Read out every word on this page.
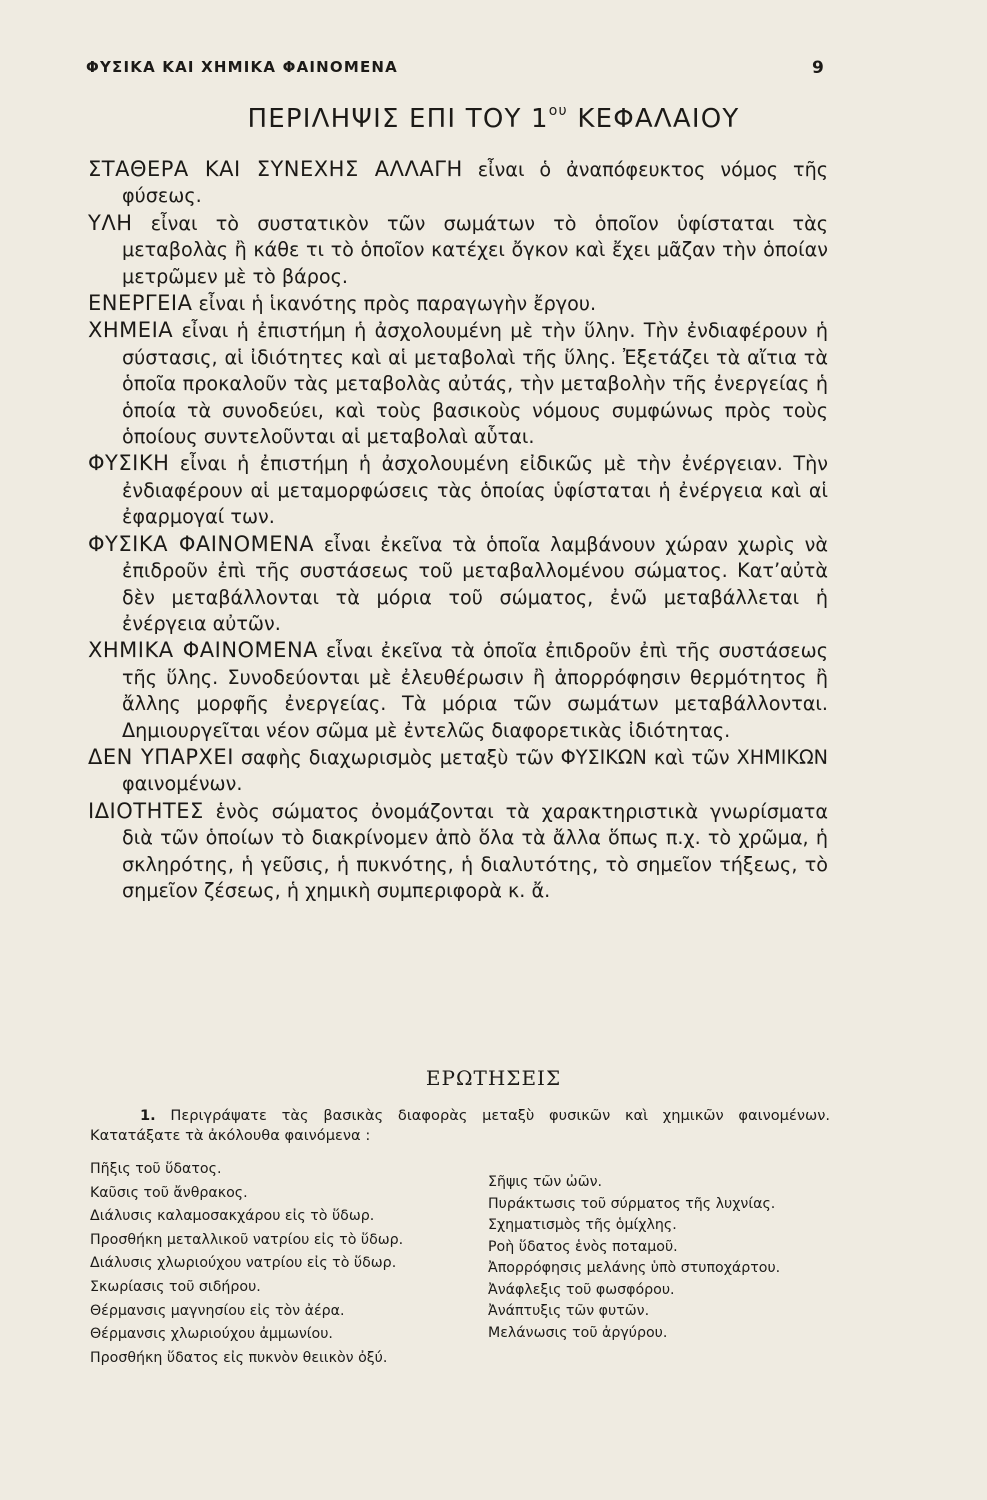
ΦΥΣΙΚΑ ΚΑΙ ΧΗΜΙΚΑ ΦΑΙΝΟΜΕΝΑ	9
ΠΕΡΙΛΗΨΙΣ ΕΠΙ ΤΟΥ $1^{o\upsilon}$ ΚΕΦΑΛΑΙΟΥ

ΣΤΑΘΕΡΑ ΚΑΙ ΣΥΝΕΧΗΣ ΑΛΛΑΓΗ εἶναι ὁ ἀναπόφευκτος νόμος τῆς φύσεως.

ΥΛΗ εἶναι τὸ συστατικὸν τῶν σωμάτων τὸ ὁποῖον ὑφίσταται τὰς μεταβολὰς ἢ κάθε τι τὸ ὁποῖον κατέχει ὄγκον καὶ ἔχει μᾶζαν τὴν ὁποίαν μετρῶμεν μὲ τὸ βάρος.

ΕΝΕΡΓΕΙΑ εἶναι ἡ ἱκανότης πρὸς παραγωγὴν ἔργου.

ΧΗΜΕΙΑ εἶναι ἡ ἐπιστήμη ἡ ἀσχολουμένη μὲ τὴν ὕλην. Τὴν ἐνδιαφέρουν ἡ σύστασις, αἱ ἰδιότητες καὶ αἱ μεταβολαὶ τῆς ὕλης. Ἐξετάζει τὰ αἴτια τὰ ὁποῖα προκαλοῦν τὰς μεταβολὰς αὐτάς, τὴν μεταβολὴν τῆς ἐνεργείας ἡ ὁποία τὰ συνοδεύει, καὶ τοὺς βασικοὺς νόμους συμφώνως πρὸς τοὺς ὁποίους συντελοῦνται αἱ μεταβολαὶ αὗται.

ΦΥΣΙΚΗ εἶναι ἡ ἐπιστήμη ἡ ἀσχολουμένη εἰδικῶς μὲ τὴν ἐνέργειαν. Τὴν ἐνδιαφέρουν αἱ μεταμορφώσεις τὰς ὁποίας ὑφίσταται ἡ ἐνέργεια καὶ αἱ ἐφαρμογαί των.

ΦΥΣΙΚΑ ΦΑΙΝΟΜΕΝΑ εἶναι ἐκεῖνα τὰ ὁποῖα λαμβάνουν χώραν χωρὶς νὰ ἐπιδροῦν ἐπὶ τῆς συστάσεως τοῦ μεταβαλλομένου σώματος. Κατ’αὐτὰ δὲν μεταβάλλονται τὰ μόρια τοῦ σώματος, ἐνῶ μεταβάλλεται ἡ ἐνέργεια αὐτῶν.

ΧΗΜΙΚΑ ΦΑΙΝΟΜΕΝΑ εἶναι ἐκεῖνα τὰ ὁποῖα ἐπιδροῦν ἐπὶ τῆς συστάσεως τῆς ὕλης. Συνοδεύονται μὲ ἐλευθέρωσιν ἢ ἀπορρόφησιν θερμότητος ἢ ἄλλης μορφῆς ἐνεργείας. Τὰ μόρια τῶν σωμάτων μεταβάλλονται. Δημιουργεῖται νέον σῶμα μὲ ἐντελῶς διαφορετικὰς ἰδιότητας.

ΔΕΝ ΥΠΑΡΧΕΙ σαφὴς διαχωρισμὸς μεταξὺ τῶν ΦΥΣΙΚΩΝ καὶ τῶν ΧΗΜΙΚΩΝ φαινομένων.

ΙΔΙΟΤΗΤΕΣ ἑνὸς σώματος ὀνομάζονται τὰ χαρακτηριστικὰ γνωρίσματα διὰ τῶν ὁποίων τὸ διακρίνομεν ἀπὸ ὅλα τὰ ἄλλα ὅπως π.χ. τὸ χρῶμα, ἡ σκληρότης, ἡ γεῦσις, ἡ πυκνότης, ἡ διαλυτότης, τὸ σημεῖον τήξεως, τὸ σημεῖον ζέσεως, ἡ χημικὴ συμπεριφορὰ κ. ἄ.

ΕΡΩΤΗΣΕΙΣ
1. Περιγράψατε τὰς βασικὰς διαφορὰς μεταξὺ φυσικῶν καὶ χημικῶν φαινομένων. Κατατάξατε τὰ ἀκόλουθα φαινόμενα :
Πῆξις τοῦ ὕδατος.
Καῦσις τοῦ ἄνθρακος.
Διάλυσις καλαμοσακχάρου εἰς τὸ ὕδωρ.
Προσθήκη μεταλλικοῦ νατρίου εἰς τὸ ὕδωρ.
Διάλυσις χλωριούχου νατρίου εἰς τὸ ὕδωρ.
Σκωρίασις τοῦ σιδήρου.
Θέρμανσις μαγνησίου εἰς τὸν ἀέρα.
Θέρμανσις χλωριούχου ἀμμωνίου.
Προσθήκη ὕδατος εἰς πυκνὸν θειικὸν ὀξύ.
Σῆψις τῶν ὠῶν.
Πυράκτωσις τοῦ σύρματος τῆς λυχνίας.
Σχηματισμὸς τῆς ὁμίχλης.
Ροὴ ὕδατος ἑνὸς ποταμοῦ.
Ἀπορρόφησις μελάνης ὑπὸ στυποχάρτου.
Ἀνάφλεξις τοῦ φωσφόρου.
Ἀνάπτυξις τῶν φυτῶν.
Μελάνωσις τοῦ ἀργύρου.
